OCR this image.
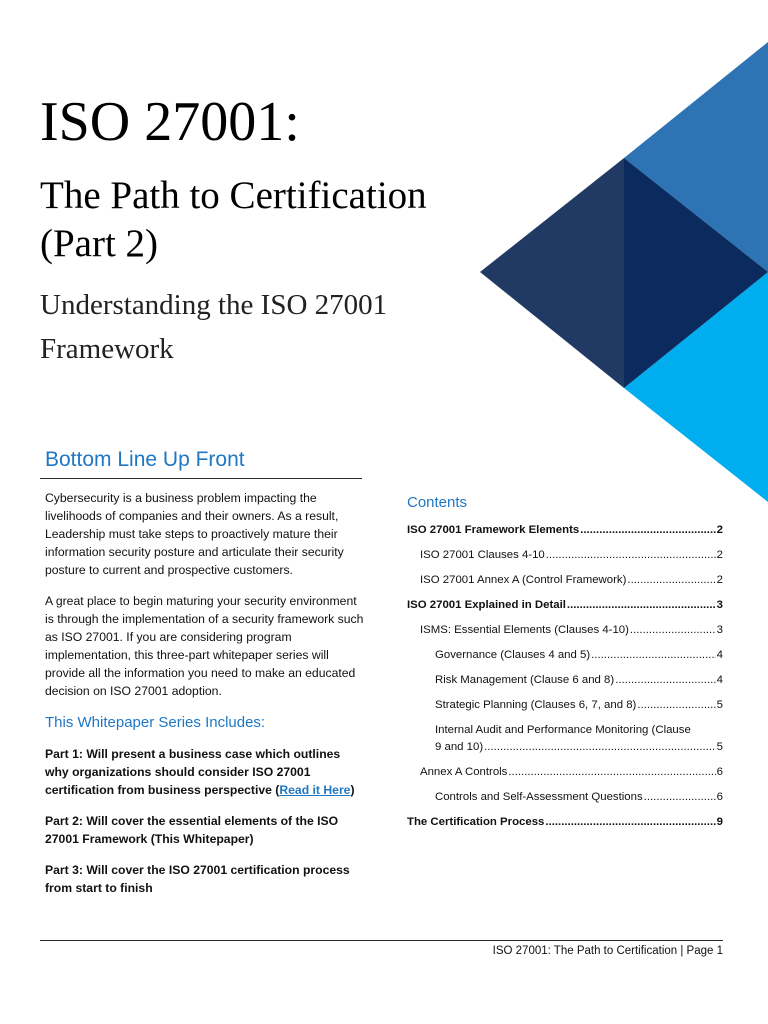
ISO 27001:
The Path to Certification (Part 2)
Understanding the ISO 27001 Framework
Bottom Line Up Front

Cybersecurity is a business problem impacting the livelihoods of companies and their owners. As a result, Leadership must take steps to proactively mature their information security posture and articulate their security posture to current and prospective customers.

A great place to begin maturing your security environment is through the implementation of a security framework such as ISO 27001. If you are considering program implementation, this three-part whitepaper series will provide all the information you need to make an educated decision on ISO 27001 adoption.

This Whitepaper Series Includes:

Part 1: Will present a business case which outlines why organizations should consider ISO 27001 certification from business perspective (Read it Here)

Part 2: Will cover the essential elements of the ISO 27001 Framework (This Whitepaper)

Part 3: Will cover the ISO 27001 certification process from start to finish

Contents
ISO 27001 Framework Elements .....	2
ISO 27001 Clauses 4-10 .....	2
ISO 27001 Annex A (Control Framework) .....	2
ISO 27001 Explained in Detail .....	3
ISMS: Essential Elements (Clauses 4-10) .....	3
Governance (Clauses 4 and 5) .....	4
Risk Management (Clause 6 and 8) .....	4
Strategic Planning (Clauses 6, 7, and 8) .....	5
Internal Audit and Performance Monitoring (Clause
9 and 10) .....	5
Annex A Controls .....	6
Controls and Self-Assessment Questions .....	6
The Certification Process .....	9
ISO 27001: The Path to Certification | Page 1
